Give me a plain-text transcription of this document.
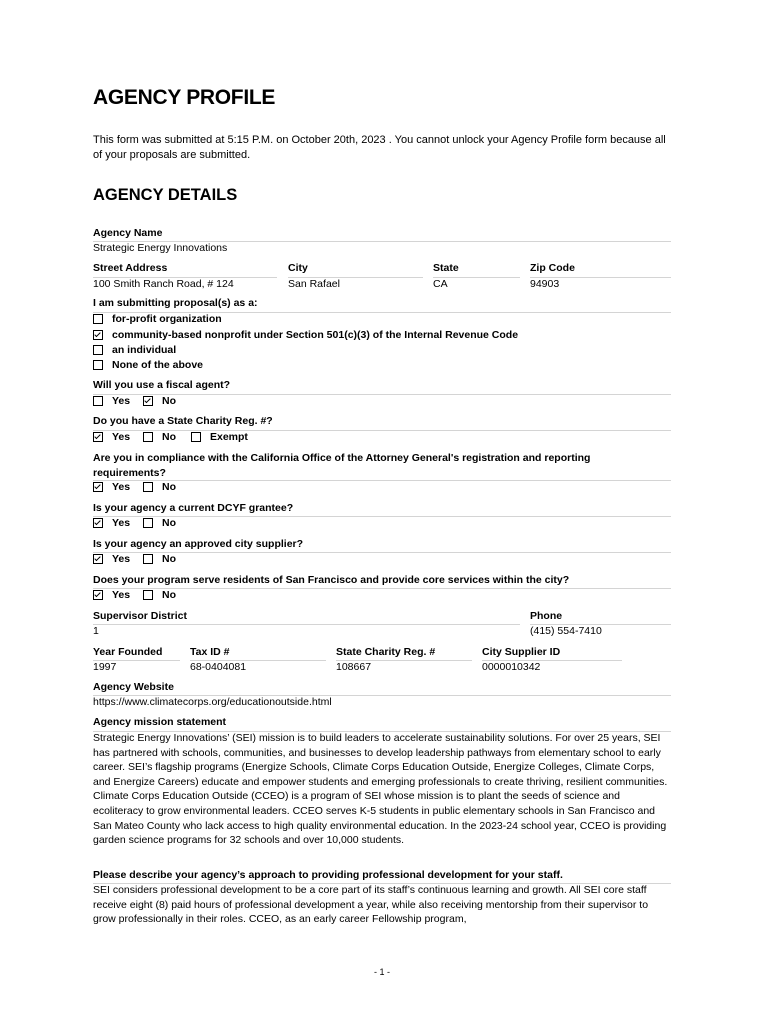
AGENCY PROFILE
This form was submitted at 5:15 P.M. on October 20th, 2023 . You cannot unlock your Agency Profile form because all of your proposals are submitted.
AGENCY DETAILS
Agency Name
Strategic Energy Innovations
Street Address	City	State	Zip Code
100 Smith Ranch Road, # 124	San Rafael	CA	94903
I am submitting proposal(s) as a:
for-profit organization
community-based nonprofit under Section 501(c)(3) of the Internal Revenue Code
an individual
None of the above
Will you use a fiscal agent?
Yes	No
Do you have a State Charity Reg. #?
Yes	No	Exempt
Are you in compliance with the California Office of the Attorney General's registration and reporting requirements?
Yes	No
Is your agency a current DCYF grantee?
Yes	No
Is your agency an approved city supplier?
Yes	No
Does your program serve residents of San Francisco and provide core services within the city?
Yes	No
Supervisor District	Phone
1	(415) 554-7410
Year Founded	Tax ID #	State Charity Reg. #	City Supplier ID
1997	68-0404081	108667	0000010342
Agency Website
https://www.climatecorps.org/educationoutside.html
Agency mission statement
Strategic Energy Innovations’ (SEI) mission is to build leaders to accelerate sustainability solutions. For over 25 years, SEI has partnered with schools, communities, and businesses to develop leadership pathways from elementary school to early career. SEI’s flagship programs (Energize Schools, Climate Corps Education Outside, Energize Colleges, Climate Corps, and Energize Careers) educate and empower students and emerging professionals to create thriving, resilient communities. Climate Corps Education Outside (CCEO) is a program of SEI whose mission is to plant the seeds of science and ecoliteracy to grow environmental leaders. CCEO serves K-5 students in public elementary schools in San Francisco and San Mateo County who lack access to high quality environmental education. In the 2023-24 school year, CCEO is providing garden science programs for 32 schools and over 10,000 students.
Please describe your agency’s approach to providing professional development for your staff.
SEI considers professional development to be a core part of its staff’s continuous learning and growth. All SEI core staff receive eight (8) paid hours of professional development a year, while also receiving mentorship from their supervisor to grow professionally in their roles. CCEO, as an early career Fellowship program,
- 1 -
